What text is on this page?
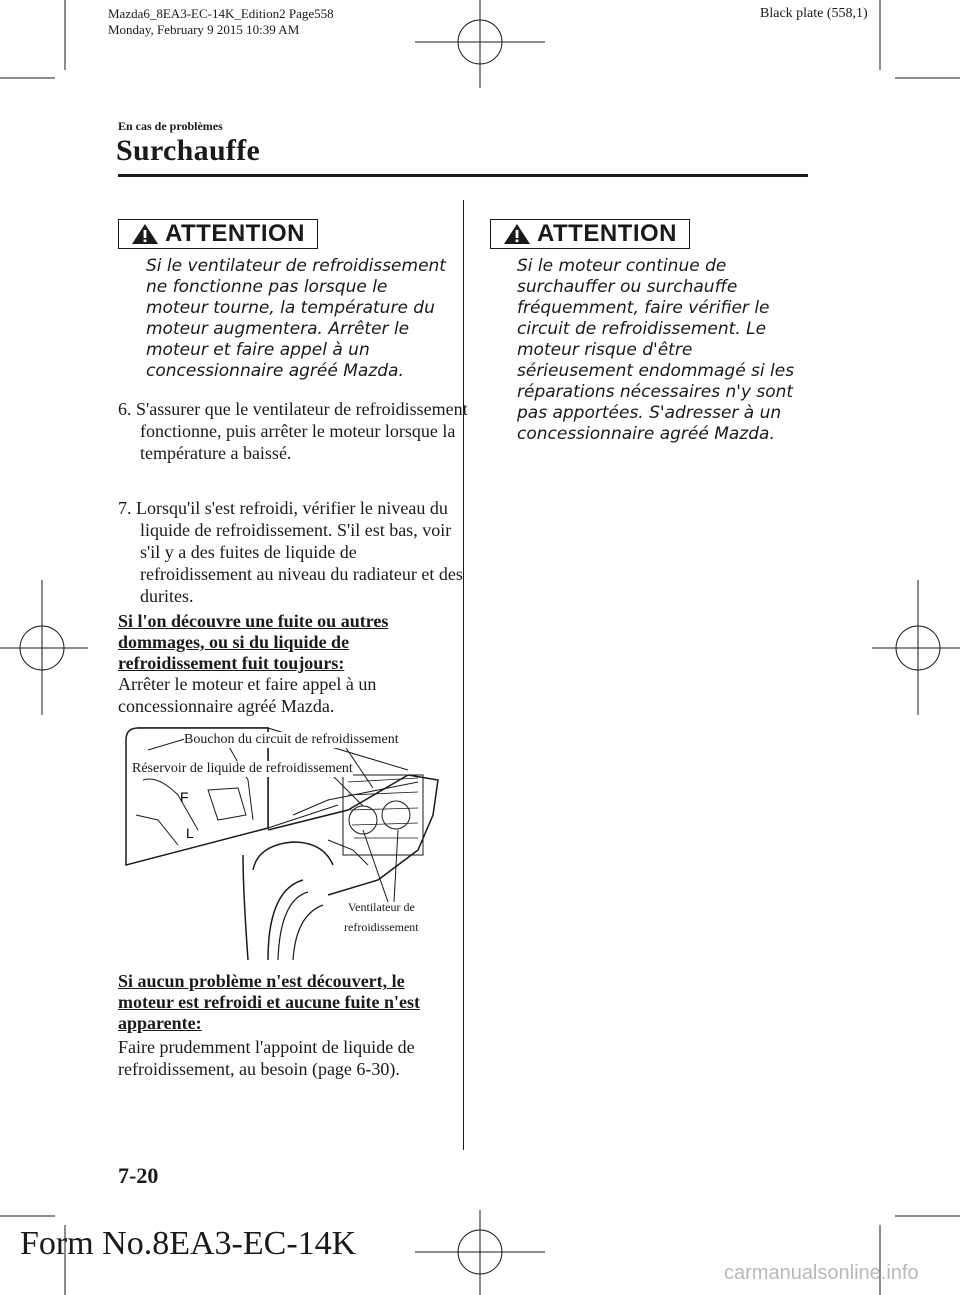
Mazda6_8EA3-EC-14K_Edition2 Page558
Monday, February 9 2015 10:39 AM
Black plate (558,1)
En cas de problèmes
Surchauffe
ATTENTION
Si le ventilateur de refroidissement ne fonctionne pas lorsque le moteur tourne, la température du moteur augmentera. Arrêter le moteur et faire appel à un concessionnaire agréé Mazda.
6. S'assurer que le ventilateur de refroidissement fonctionne, puis arrêter le moteur lorsque la température a baissé.
7. Lorsqu'il s'est refroidi, vérifier le niveau du liquide de refroidissement. S'il est bas, voir s'il y a des fuites de liquide de refroidissement au niveau du radiateur et des durites.
Si l'on découvre une fuite ou autres dommages, ou si du liquide de refroidissement fuit toujours:
Arrêter le moteur et faire appel à un concessionnaire agréé Mazda.
F
L
Bouchon du circuit de refroidissement
Réservoir de liquide de refroidissement
Ventilateur de
refroidissement
Si aucun problème n'est découvert, le moteur est refroidi et aucune fuite n'est apparente:
Faire prudemment l'appoint de liquide de refroidissement, au besoin (page 6-30).
ATTENTION
Si le moteur continue de surchauffer ou surchauffe fréquemment, faire vérifier le circuit de refroidissement. Le moteur risque d'être sérieusement endommagé si les réparations nécessaires n'y sont pas apportées. S'adresser à un concessionnaire agréé Mazda.
7-20
Form No.8EA3-EC-14K
carmanualsonline.info
